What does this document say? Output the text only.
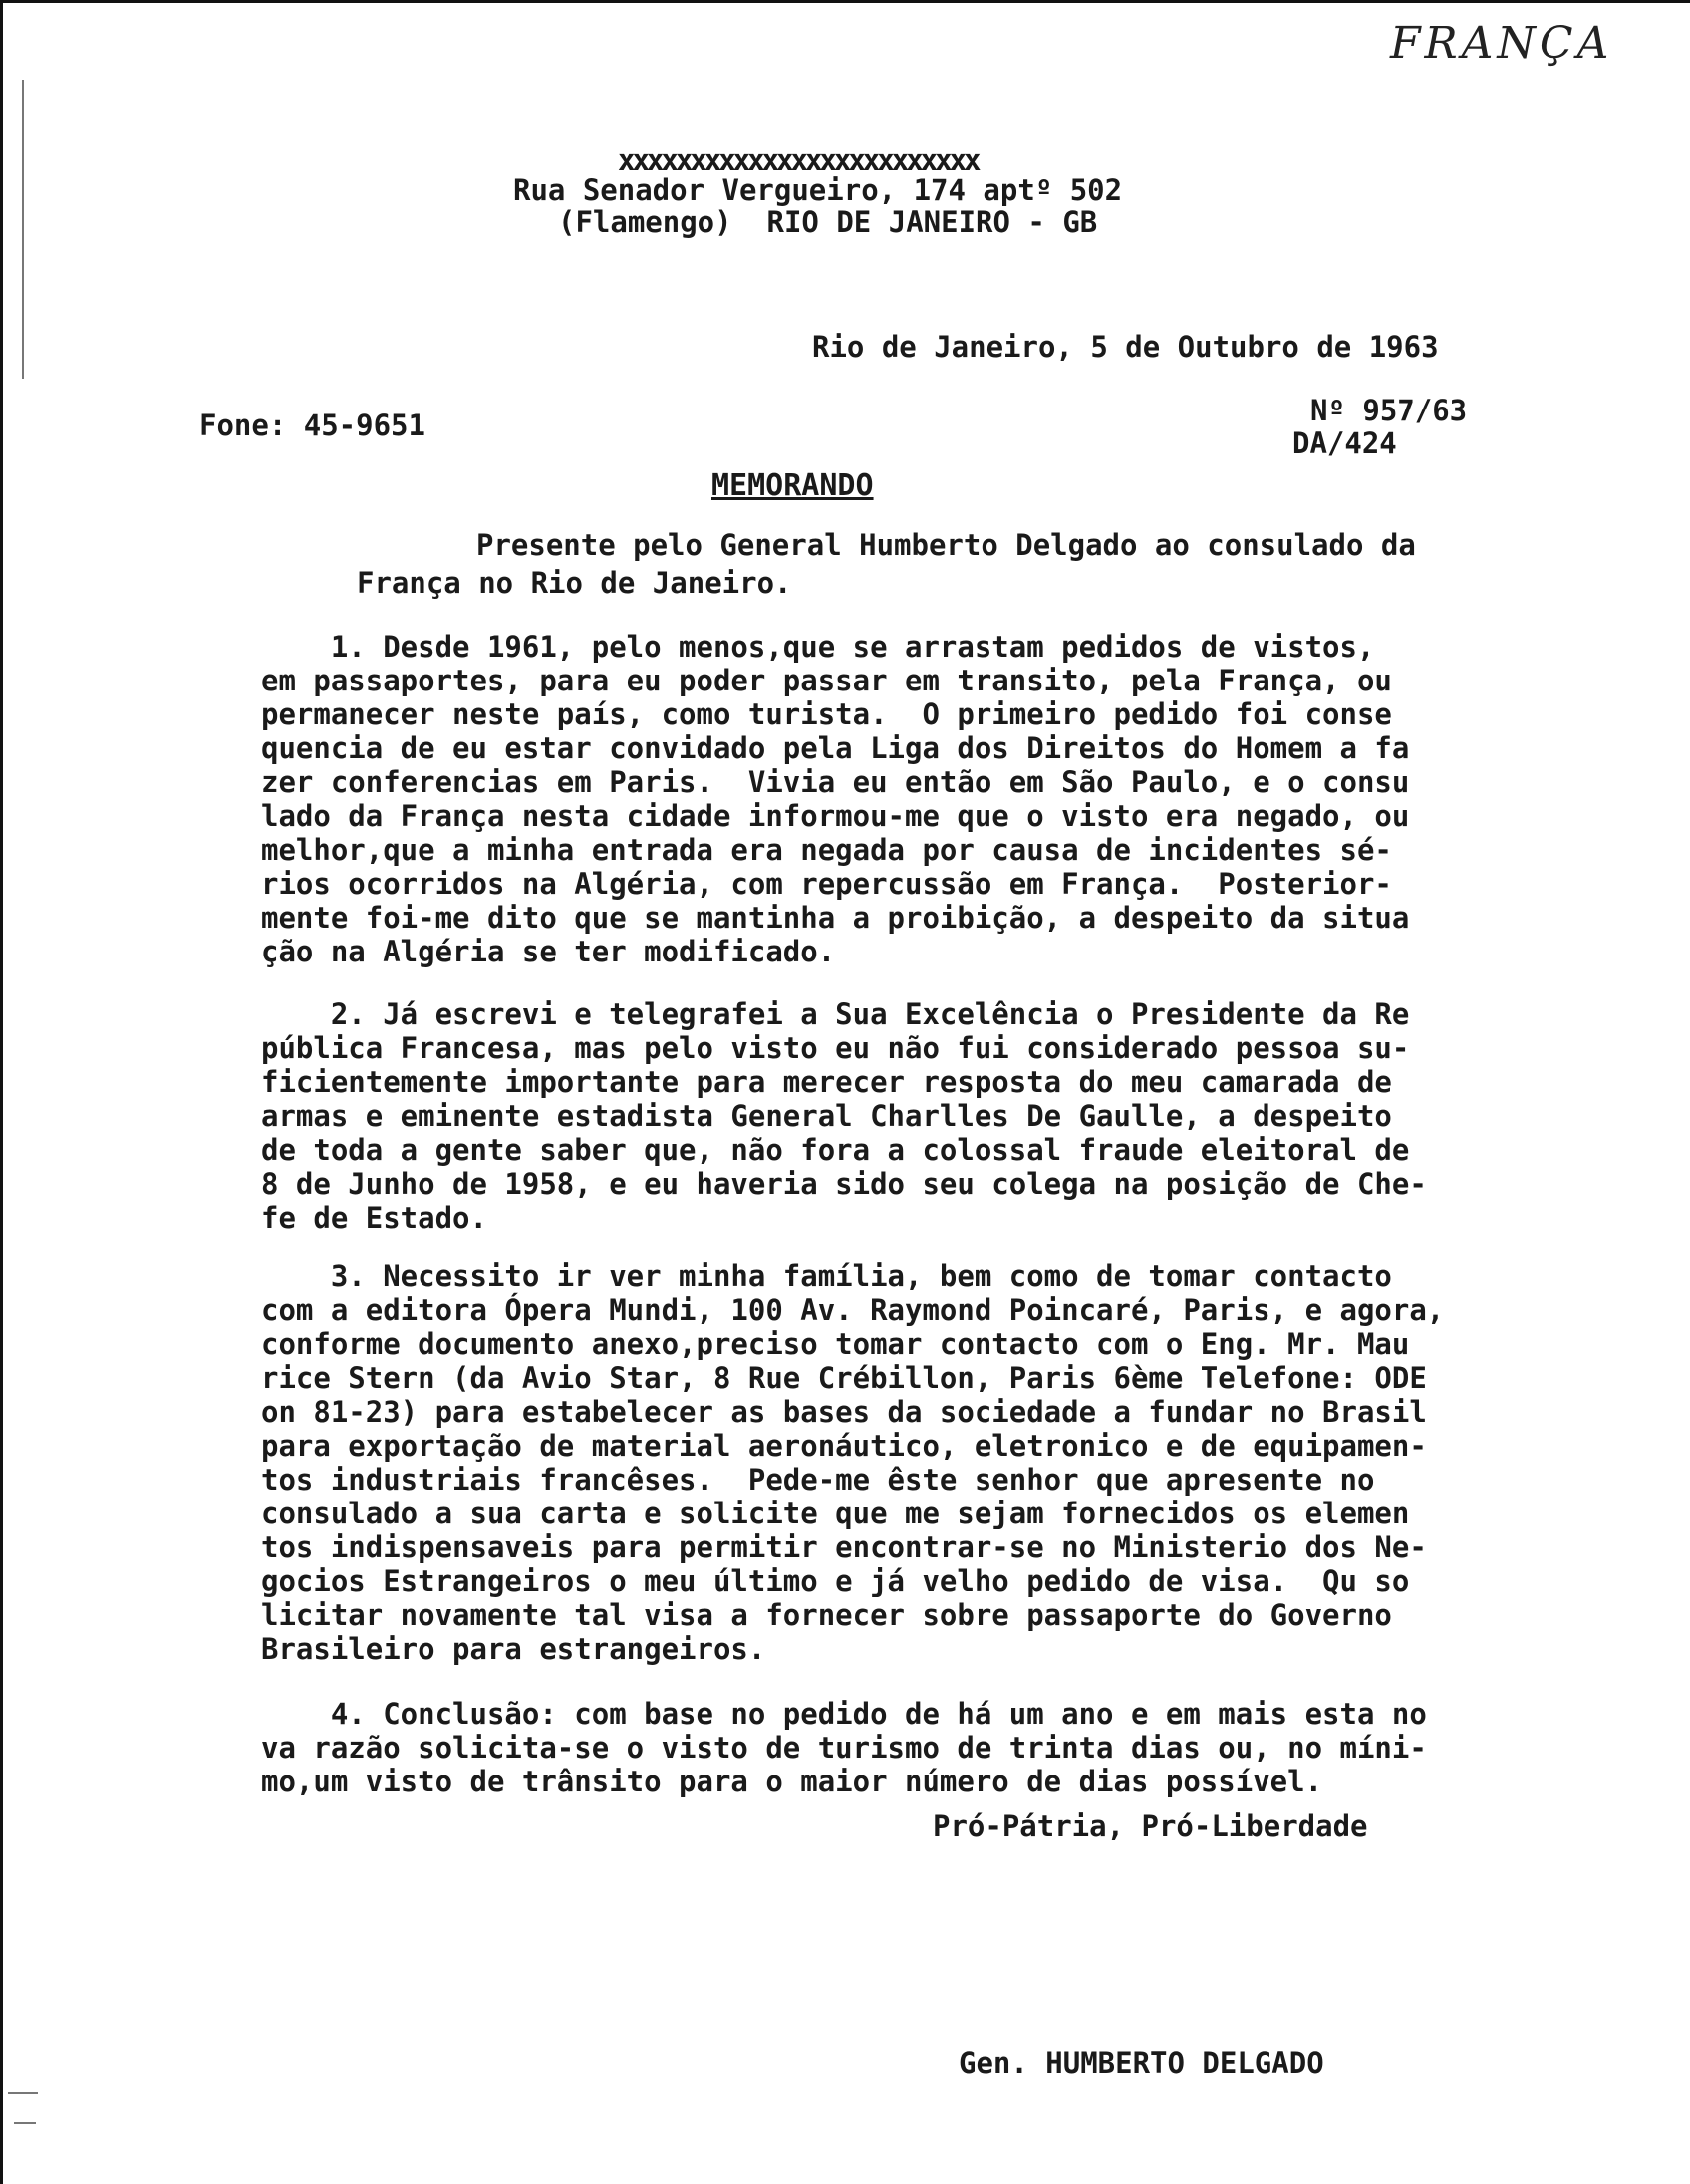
FRANÇA
xxxxxxxxxxxxxxxxxxxxxxxxx
Rua Senador Vergueiro, 174 aptº 502
(Flamengo)  RIO DE JANEIRO - GB
Rio de Janeiro, 5 de Outubro de 1963
Fone: 45-9651	Nº 957/63
DA/424
MEMORANDO
Presente pelo General Humberto Delgado ao consulado da
França no Rio de Janeiro.
1. Desde 1961, pelo menos,que se arrastam pedidos de vistos,
em passaportes, para eu poder passar em transito, pela França, ou
permanecer neste país, como turista.  O primeiro pedido foi conse
quencia de eu estar convidado pela Liga dos Direitos do Homem a fa
zer conferencias em Paris.  Vivia eu então em São Paulo, e o consu
lado da França nesta cidade informou-me que o visto era negado, ou
melhor,que a minha entrada era negada por causa de incidentes sé-
rios ocorridos na Algéria, com repercussão em França.  Posterior-
mente foi-me dito que se mantinha a proibição, a despeito da situa
ção na Algéria se ter modificado.
2. Já escrevi e telegrafei a Sua Excelência o Presidente da Re
pública Francesa, mas pelo visto eu não fui considerado pessoa su-
ficientemente importante para merecer resposta do meu camarada de
armas e eminente estadista General Charlles De Gaulle, a despeito
de toda a gente saber que, não fora a colossal fraude eleitoral de
8 de Junho de 1958, e eu haveria sido seu colega na posição de Che-
fe de Estado.
3. Necessito ir ver minha família, bem como de tomar contacto
com a editora Ópera Mundi, 100 Av. Raymond Poincaré, Paris, e agora,
conforme documento anexo,preciso tomar contacto com o Eng. Mr. Mau
rice Stern (da Avio Star, 8 Rue Crébillon, Paris 6ème Telefone: ODE
on 81-23) para estabelecer as bases da sociedade a fundar no Brasil
para exportação de material aeronáutico, eletronico e de equipamen-
tos industriais francêses.  Pede-me êste senhor que apresente no
consulado a sua carta e solicite que me sejam fornecidos os elemen
tos indispensaveis para permitir encontrar-se no Ministerio dos Ne-
gocios Estrangeiros o meu último e já velho pedido de visa.  Qu so
licitar novamente tal visa a fornecer sobre passaporte do Governo
Brasileiro para estrangeiros.
4. Conclusão: com base no pedido de há um ano e em mais esta no
va razão solicita-se o visto de turismo de trinta dias ou, no míni-
mo,um visto de trânsito para o maior número de dias possível.
Pró-Pátria, Pró-Liberdade
Gen. HUMBERTO DELGADO
